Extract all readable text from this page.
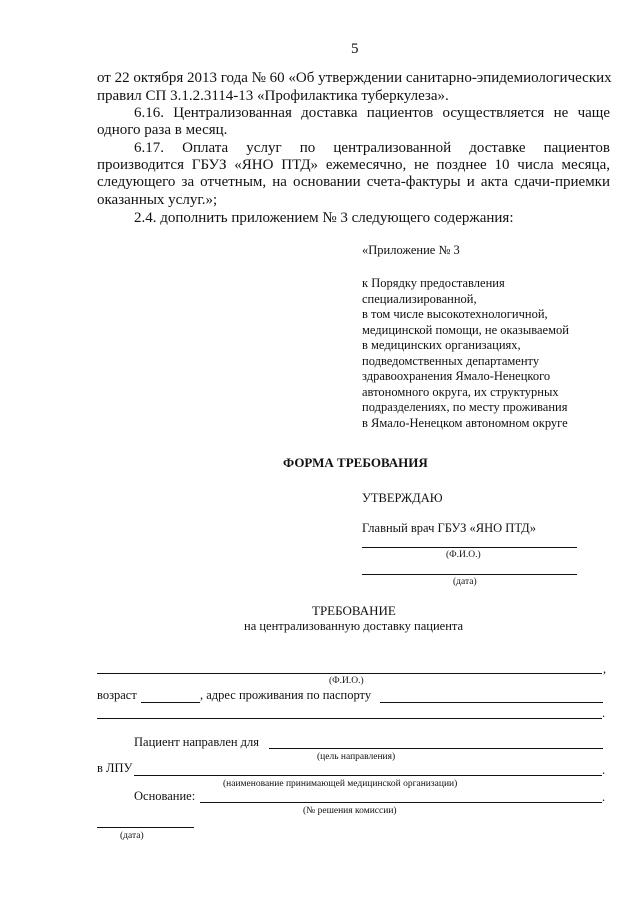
5
от 22 октября 2013 года № 60 «Об утверждении санитарно-эпидемиологических
правил СП 3.1.2.3114-13 «Профилактика туберкулеза».
6.16. Централизованная доставка пациентов осуществляется не чаще
одного раза в месяц.
6.17. Оплата услуг по централизованной доставке пациентов
производится ГБУЗ «ЯНО ПТД» ежемесячно, не позднее 10 числа месяца,
следующего за отчетным, на основании счета-фактуры и акта сдачи-приемки
оказанных услуг.»;
2.4. дополнить приложением № 3 следующего содержания:
«Приложение № 3
к Порядку предоставления
специализированной,
в том числе высокотехнологичной,
медицинской помощи, не оказываемой
в медицинских организациях,
подведомственных департаменту
здравоохранения Ямало-Ненецкого
автономного округа, их структурных
подразделениях, по месту проживания
в Ямало-Ненецком автономном округе
ФОРМА ТРЕБОВАНИЯ
УТВЕРЖДАЮ
Главный врач ГБУЗ «ЯНО ПТД»
(Ф.И.О.)
(дата)
ТРЕБОВАНИЕ
на централизованную доставку пациента
,
(Ф.И.О.)
возраст	, адрес проживания по паспорту
.
Пациент направлен для
(цель направления)
в ЛПУ	.
(наименование принимающей медицинской организации)
Основание:	.
(№ решения комиссии)
(дата)
